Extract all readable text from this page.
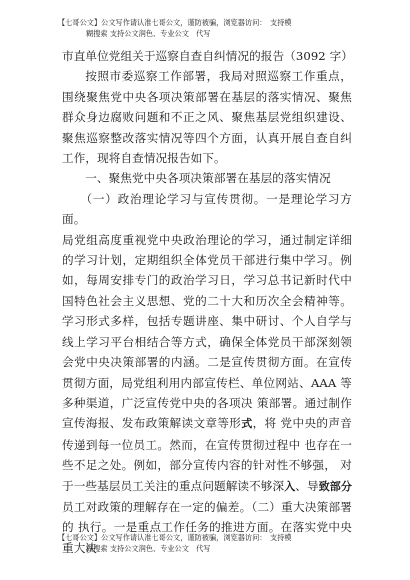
【七哥公文】公文写作请认准七哥公文，谨防被骗，浏览器访问：　支持模
糊搜索 支持公文润色、专业公文　代写

市直单位党组关于巡察自查自纠情况的报告（3092 字）

按照市委巡察工作部署，我局对照巡察工作重点，围绕聚焦党中央各项决策部署在基层的落实情况、聚焦群众身边腐败问题和不正之风、聚焦基层党组织建设、聚焦巡察整改落实情况等四个方面，认真开展自查自纠工作，现将自查情况报告如下。

一、聚焦党中央各项决策部署在基层的落实情况

（一）政治理论学习与宣传贯彻。一是理论学习方面。

局党组高度重视党中央政治理论的学习，通过制定详细的学习计划，定期组织全体党员干部进行集中学习。例如，每周安排专门的政治学习日，学习总书记新时代中国特色社会主义思想、党的二十大和历次全会精神等。学习形式多样，包括专题讲座、集中研讨、个人自学与线上学习平台相结合等方式，确保全体党员干部深刻领会党中央决策部署的内涵。二是宣传贯彻方面。在宣传贯彻方面，局党组利用内部宣传栏、单位网站、AAA 等多种渠道，广泛宣传党中央的各项决 策部署。通过制作宣传海报、发布政策解读文章等形式，将 党中央的声音传递到每一位员工。然而，在宣传贯彻过程中 也存在一些不足之处。例如，部分宣传内容的针对性不够强， 对于一些基层员工关注的重点问题解读不够深入、导致部分 员工对政策的理解存在一定的偏差。（二）重大决策部署的 执行。一是重点工作任务的推进方面。在落实党中央重大决

【七哥公文】公文写作请认准七哥公文，谨防被骗，浏览器访问：　支持模
糊搜索 支持公文润色、专业公文　代写
